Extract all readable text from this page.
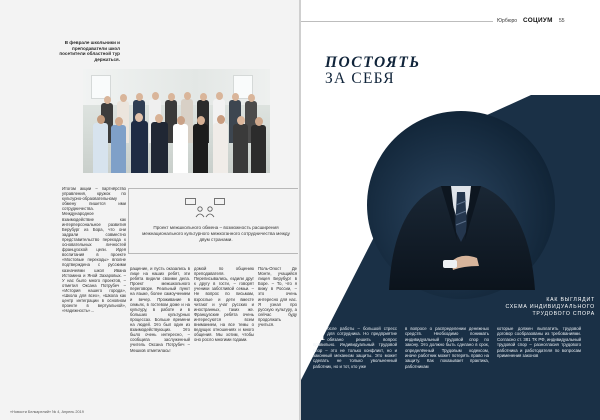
В феврале школьники и преподаватели школ посетители областной тур держаться.
Проект межшкольного обмена – возможность расширения межнационального культурного межкоганного сотрудничества между двум странами.
Итогом акции – партнёрство управления, кружок по культурно-обраовательному обмену пишется ими сотрудничества. Международное взаимодействие как интерперсональное развития Берубург из Бора, что они задрали совместно представительство перехода к основательных личностей французской цели. Идея воспитания в проекте «Мостовые переходы» вполне подтверждена с русскими казначеями школ Ивана Истомина и Яной Захаровых. – У нас было много проектов, – отметил Оксана Потрубеч – «История нашего города», «Школа для всех», «Школа как центр интеграции в основном проекте в вертуальной», «Надежность»…
ращение, и пусть оказались в лице на наших ребят, эти ребята видели своими дела. Проект межшкольного переговоре. Реальный пункт на языке, более самоучением и вечер. Проживание в семьях, в гостевом доме и на культуру, в работе и в больших культурных процессах. Больше времени на людей. Это был один из взаимодействующих. Это было очень интересно, – сообщила заслуженный учитель Оксана Потрубеч – Мешков отметилась!
домой по общению преподавателя. Переписывались, ездили друг к другу в гости, – говорят ученики заботливой семьи. – Не вопрос по письмам, взрослые и дети вместе читают и учат русских и иностранных, таких же. Французские ребята очень интересуются всем вниманием, на все темы о ведущих отношениях и много общения. Мы хотим, чтобы оно росло многими годами.
Поль-Огюст Де Монте, учащийся лицея Берубург в Боре. – То, что я вижу в России, – это очень интересно для нас. Я узнал про русскую культуру, а сейчас буду продолжать учиться.
«Новости Белкарелий» № 4, Апрель 2019
Юрбюро СОЦИУМ 55
ПОСТОЯТЬ
ЗА СЕБЯ
КАК ВЫГЛЯДИТ
СХЕМА ИНДИВИДУАЛЬНОГО
ТРУДОВОГО СПОРА
П осле работы – большой стресс для сотрудника. Но предприятие обязано решить вопрос правильно. Индивидуальный трудовой спор – это не только конфликт, но и законный механизм защиты. Это может сделать не только увольненный работник, но и тот, кто уже
в вопросе о распределении денежных средств. Необходимо понимать индивидуальный трудовой спор по закону. Это должно быть сделано в срок, определённый Трудовым кодексом, иначе работник может потерять право на защиту. Как показывает практика, работникам
которые должен выплатить трудовой договор сообразованы из требованиями. Согласно ст. 381 ТК РФ, индивидуальный трудовой спор – разногласия трудового работника и работодателя по вопросам применения законов
